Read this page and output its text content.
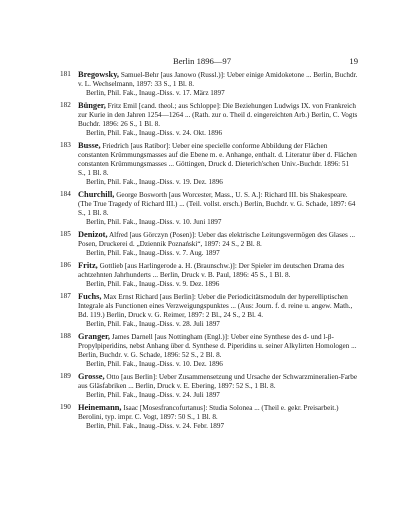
Berlin 1896—97	19
181 Bregowsky, Samuel-Behr [aus Janowo (Russl.)]: Ueber einige Amidoketone ... Berlin, Buchdr. v. L. Wechselmann, 1897: 33 S., 1 Bl. 8.
Berlin, Phil. Fak., Inaug.-Diss. v. 17. März 1897
182 Bünger, Fritz Emil [cand. theol.; aus Schloppe]: Die Beziehungen Ludwigs IX. von Frankreich zur Kurie in den Jahren 1254—1264 ... (Rath. zur o. Theil d. eingereichten Arb.) Berlin, C. Vogts Buchdr. 1896: 26 S., 1 Bl. 8.
Berlin, Phil. Fak., Inaug.-Diss. v. 24. Okt. 1896
183 Busse, Friedrich [aus Ratibor]: Ueber eine specielle conforme Abbildung der Flächen constanten Krümmungsmasses auf die Ebene m. e. Anhange, enthalt. d. Literatur über d. Flächen constanten Krümmungsmasses ... Göttingen, Druck d. Dieterich'schen Univ.-Buchdr. 1896: 51 S., 1 Bl. 8.
Berlin, Phil. Fak., Inaug.-Diss. v. 19. Dez. 1896
184 Churchill, George Bosworth [aus Worcester, Mass., U. S. A.]: Richard III. bis Shakespeare. (The True Tragedy of Richard III.) ... (Teil. vollst. ersch.) Berlin, Buchdr. v. G. Schade, 1897: 64 S., 1 Bl. 8.
Berlin, Phil. Fak., Inaug.-Diss. v. 10. Juni 1897
185 Denizot, Alfred [aus Görczyn (Posen)]: Ueber das elektrische Leitungsvermögen des Glases ... Posen, Druckerei d. „Dziennik Poznański“, 1897: 24 S., 2 Bl. 8.
Berlin, Phil. Fak., Inaug.-Diss. v. 7. Aug. 1897
186 Fritz, Gottlieb [aus Harlingerode a. H. (Braunschw.)]: Der Spieler im deutschen Drama des achtzehnten Jahrhunderts ... Berlin, Druck v. B. Paul, 1896: 45 S., 1 Bl. 8.
Berlin, Phil. Fak., Inaug.-Diss. v. 9. Dez. 1896
187 Fuchs, Max Ernst Richard [aus Berlin]: Ueber die Periodicitätsmoduln der hyperelliptischen Integrale als Functionen eines Verzweigungspunktes ... (Aus: Journ. f. d. reine u. angew. Math., Bd. 119.) Berlin, Druck v. G. Reimer, 1897: 2 Bl., 24 S., 2 Bl. 4.
Berlin, Phil. Fak., Inaug.-Diss. v. 28. Juli 1897
188 Granger, James Darnell [aus Nottingham (Engl.)]: Ueber eine Synthese des d- und l-β-Propylpiperidins, nebst Anhang über d. Synthese d. Piperidins u. seiner Alkylirten Homologen ... Berlin, Buchdr. v. G. Schade, 1896: 52 S., 2 Bl. 8.
Berlin, Phil. Fak., Inaug.-Diss. v. 10. Dez. 1896
189 Grosse, Otto [aus Berlin]: Ueber Zusammensetzung und Ursache der Schwarzmineralien-Farbe aus Gläsfabriken ... Berlin, Druck v. E. Ebering, 1897: 52 S., 1 Bl. 8.
Berlin, Phil. Fak., Inaug.-Diss. v. 24. Juli 1897
190 Heinemann, Isaac [Mosesfrancofurtanus]: Studia Solonea ... (Theil e. gekr. Preisarbeit.) Berolini, typ. impr. C. Vogt, 1897: 50 S., 1 Bl. 8.
Berlin, Phil. Fak., Inaug.-Diss. v. 24. Febr. 1897
